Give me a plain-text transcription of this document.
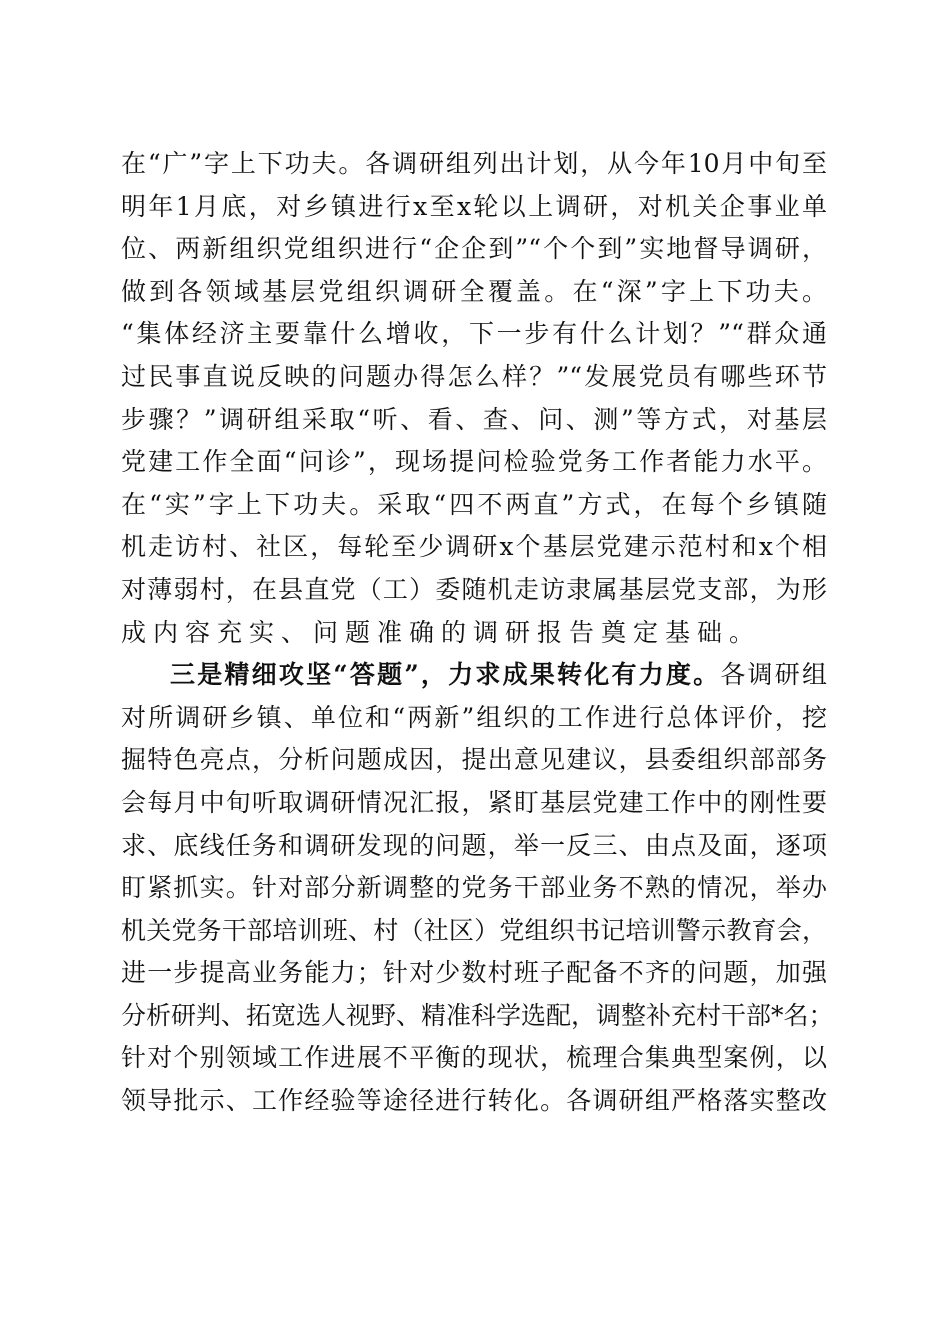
在“广”字上下功夫。各调研组列出计划，从今年10月中旬至
明年1月底，对乡镇进行x至x轮以上调研，对机关企事业单
位、两新组织党组织进行“企企到”“个个到”实地督导调研，
做到各领域基层党组织调研全覆盖。在“深”字上下功夫。
“集体经济主要靠什么增收，下一步有什么计划？”“群众通
过民事直说反映的问题办得怎么样？”“发展党员有哪些环节
步骤？”调研组采取“听、看、查、问、测”等方式，对基层
党建工作全面“问诊”，现场提问检验党务工作者能力水平。
在“实”字上下功夫。采取“四不两直”方式，在每个乡镇随
机走访村、社区，每轮至少调研x个基层党建示范村和x个相
对薄弱村，在县直党（工）委随机走访隶属基层党支部，为形
成内容充实、问题准确的调研报告奠定基础。
三是精细攻坚“答题”，力求成果转化有力度。各调研组
对所调研乡镇、单位和“两新”组织的工作进行总体评价，挖
掘特色亮点，分析问题成因，提出意见建议，县委组织部部务
会每月中旬听取调研情况汇报，紧盯基层党建工作中的刚性要
求、底线任务和调研发现的问题，举一反三、由点及面，逐项
盯紧抓实。针对部分新调整的党务干部业务不熟的情况，举办
机关党务干部培训班、村（社区）党组织书记培训警示教育会，
进一步提高业务能力；针对少数村班子配备不齐的问题，加强
分析研判、拓宽选人视野、精准科学选配，调整补充村干部*名；
针对个别领域工作进展不平衡的现状，梳理合集典型案例，以
领导批示、工作经验等途径进行转化。各调研组严格落实整改
